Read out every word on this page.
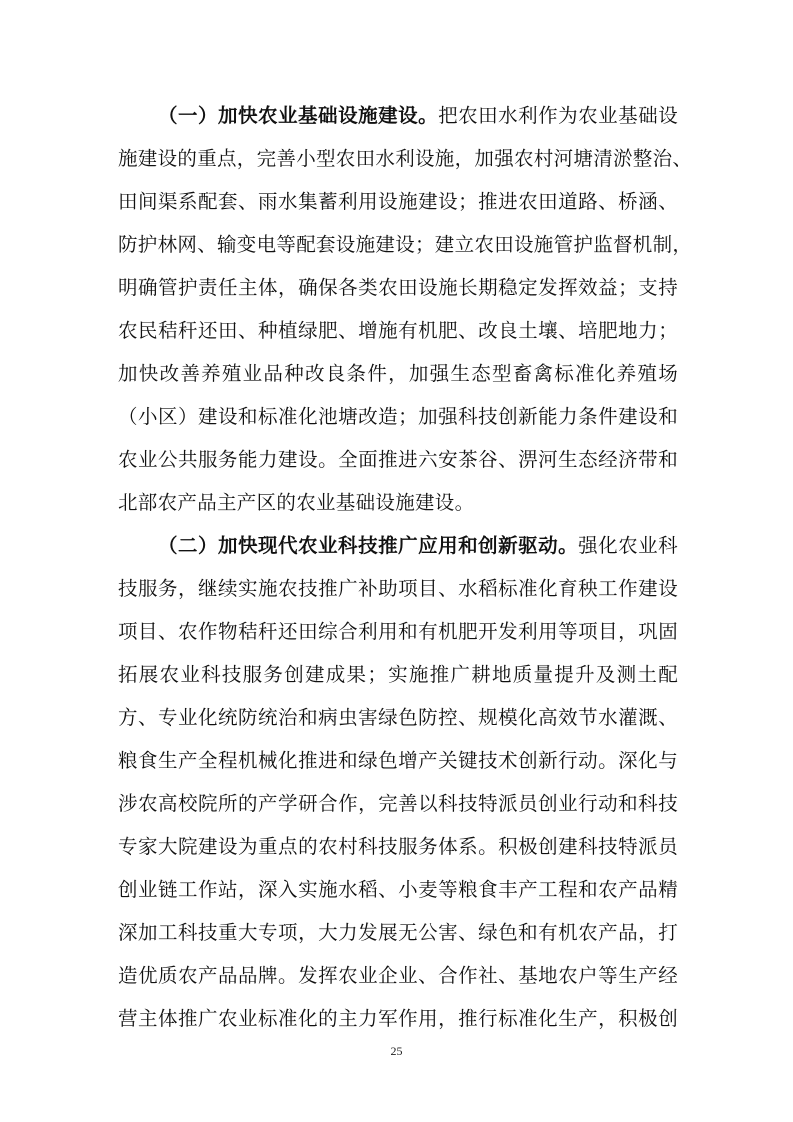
（一）加快农业基础设施建设。把农田水利作为农业基础设
施建设的重点，完善小型农田水利设施，加强农村河塘清淤整治、
田间渠系配套、雨水集蓄利用设施建设；推进农田道路、桥涵、
防护林网、输变电等配套设施建设；建立农田设施管护监督机制，
明确管护责任主体，确保各类农田设施长期稳定发挥效益；支持
农民秸秆还田、种植绿肥、增施有机肥、改良土壤、培肥地力；
加快改善养殖业品种改良条件，加强生态型畜禽标准化养殖场
（小区）建设和标准化池塘改造；加强科技创新能力条件建设和
农业公共服务能力建设。全面推进六安茶谷、淠河生态经济带和
北部农产品主产区的农业基础设施建设。
（二）加快现代农业科技推广应用和创新驱动。强化农业科
技服务，继续实施农技推广补助项目、水稻标准化育秧工作建设
项目、农作物秸秆还田综合利用和有机肥开发利用等项目，巩固
拓展农业科技服务创建成果；实施推广耕地质量提升及测土配
方、专业化统防统治和病虫害绿色防控、规模化高效节水灌溉、
粮食生产全程机械化推进和绿色增产关键技术创新行动。深化与
涉农高校院所的产学研合作，完善以科技特派员创业行动和科技
专家大院建设为重点的农村科技服务体系。积极创建科技特派员
创业链工作站，深入实施水稻、小麦等粮食丰产工程和农产品精
深加工科技重大专项，大力发展无公害、绿色和有机农产品，打
造优质农产品品牌。发挥农业企业、合作社、基地农户等生产经
营主体推广农业标准化的主力军作用，推行标准化生产，积极创
25
